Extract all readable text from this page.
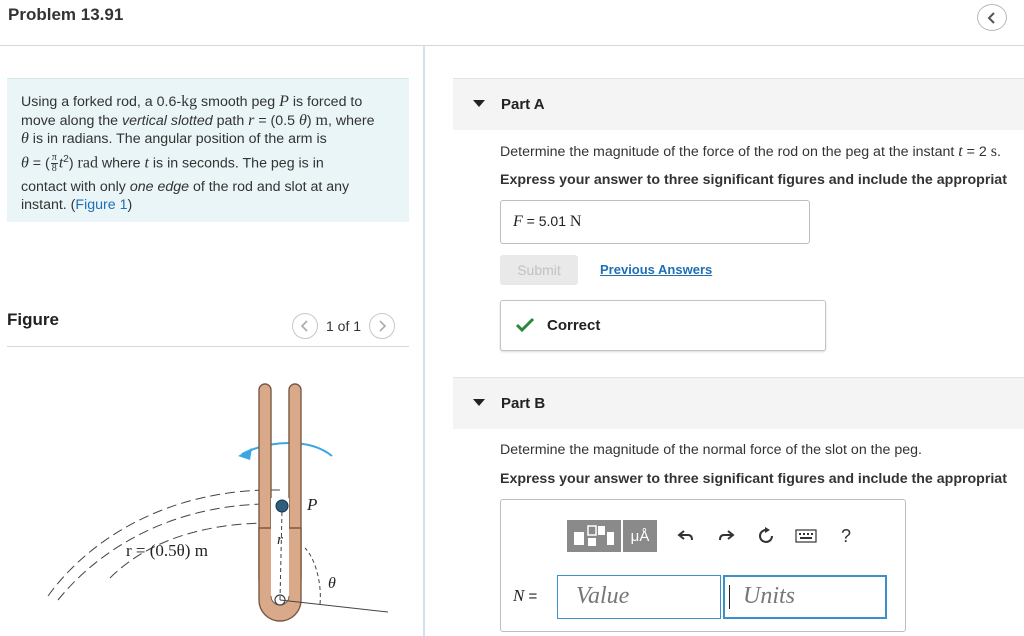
Problem 13.91

Using a forked rod, a 0.6-kg smooth peg P is forced to

move along the vertical slotted path r = (0.5 θ) m, where

θ is in radians. The angular position of the arm is

θ = ( $\frac{\pi}{8} t^2$) rad where t is in seconds. The peg is in

contact with only one edge of the rod and slot at any

instant. (Figure 1)

Figure	1 of 1
P
r = (0.5θ) m
r
θ
Part A
Determine the magnitude of the force of the rod on the peg at the instant t = 2 s.
Express your answer to three significant figures and include the appropriat
F = 5.01 N
Submit	Previous Answers
Correct
Part B
Determine the magnitude of the normal force of the slot on the peg.
Express your answer to three significant figures and include the appropriat
μÅ	?
N =	Value	Units
